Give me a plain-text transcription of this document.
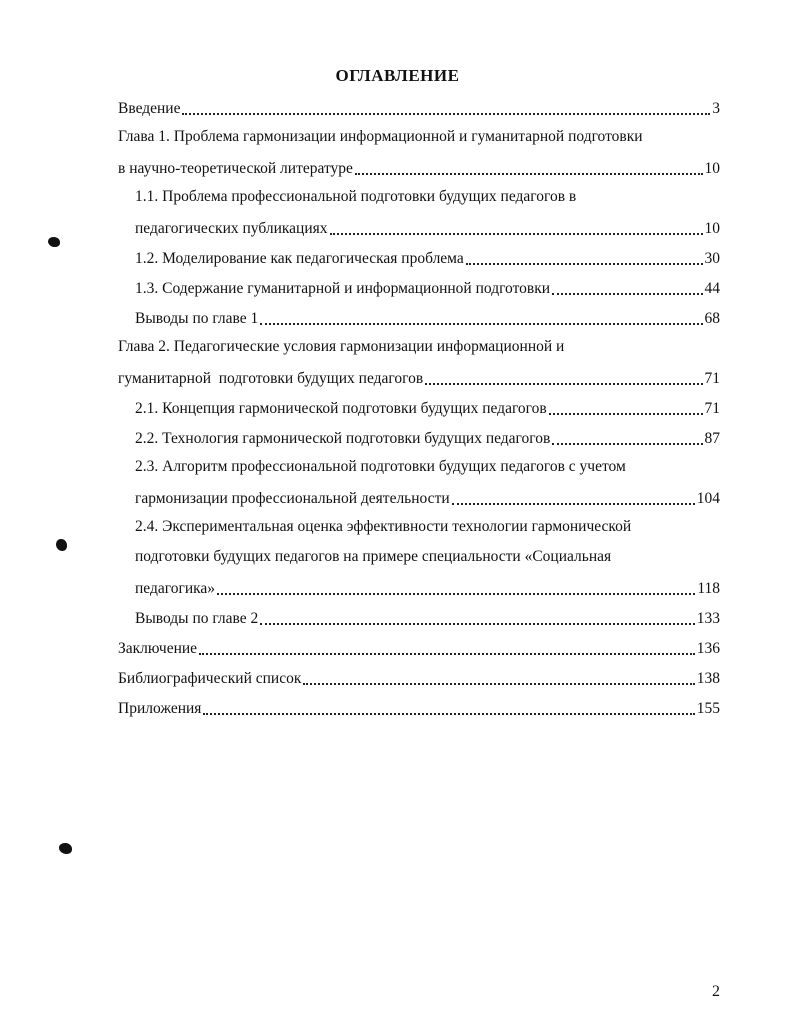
ОГЛАВЛЕНИЕ
Введение	3
Глава 1. Проблема гармонизации информационной и гуманитарной подготовки
в научно-теоретической литературе	10
1.1. Проблема профессиональной подготовки будущих педагогов в
педагогических публикациях	10
1.2. Моделирование как педагогическая проблема	30
1.3. Содержание гуманитарной и информационной подготовки	44
Выводы по главе 1	68
Глава 2. Педагогические условия гармонизации информационной и
гуманитарной  подготовки будущих педагогов	71
2.1. Концепция гармонической подготовки будущих педагогов	71
2.2. Технология гармонической подготовки будущих педагогов	87
2.3. Алгоритм профессиональной подготовки будущих педагогов с учетом
гармонизации профессиональной деятельности	104
2.4. Экспериментальная оценка эффективности технологии гармонической
подготовки будущих педагогов на примере специальности «Социальная
педагогика»	118
Выводы по главе 2	133
Заключение	136
Библиографический список	138
Приложения	155
2
